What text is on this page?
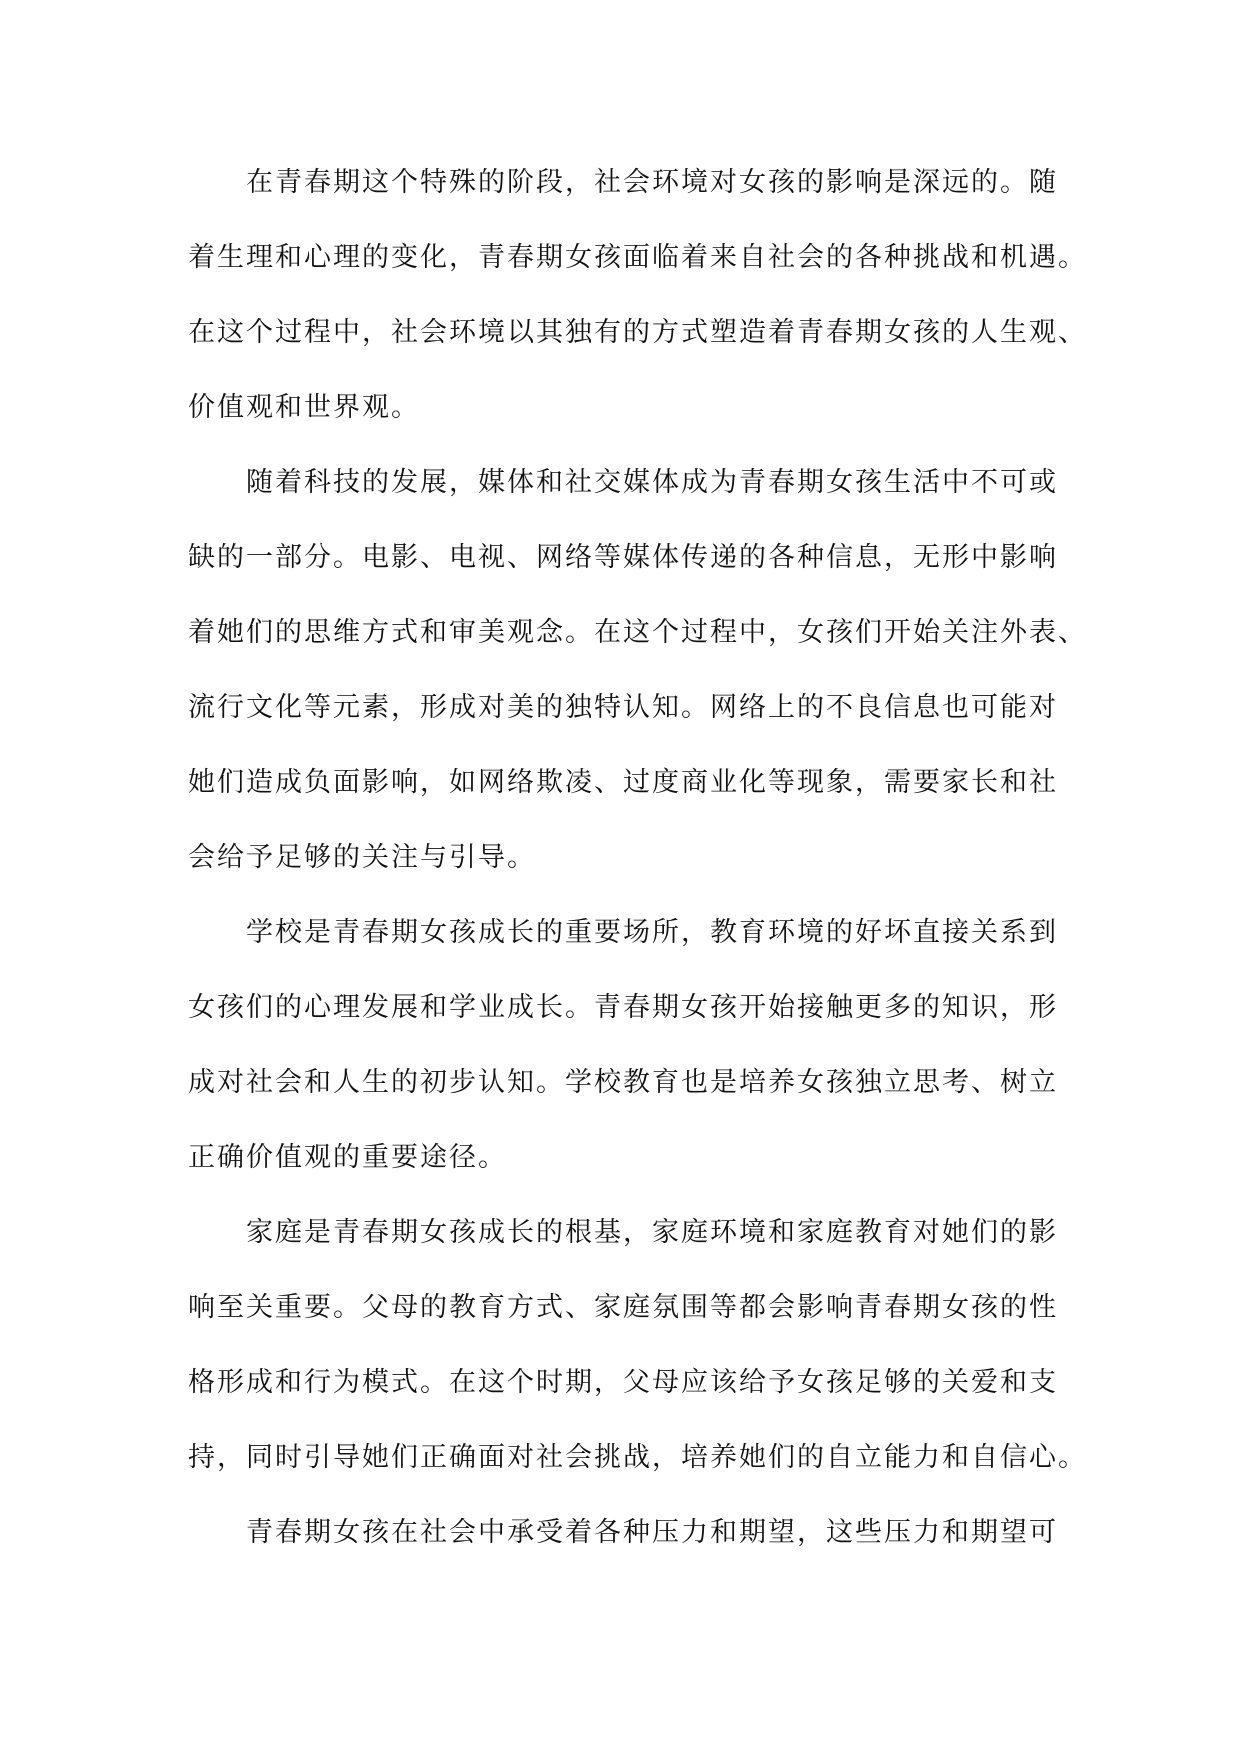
在青春期这个特殊的阶段，社会环境对女孩的影响是深远的。随
着生理和心理的变化，青春期女孩面临着来自社会的各种挑战和机遇。
在这个过程中，社会环境以其独有的方式塑造着青春期女孩的人生观、
价值观和世界观。
随着科技的发展，媒体和社交媒体成为青春期女孩生活中不可或
缺的一部分。电影、电视、网络等媒体传递的各种信息，无形中影响
着她们的思维方式和审美观念。在这个过程中，女孩们开始关注外表、
流行文化等元素，形成对美的独特认知。网络上的不良信息也可能对
她们造成负面影响，如网络欺凌、过度商业化等现象，需要家长和社
会给予足够的关注与引导。
学校是青春期女孩成长的重要场所，教育环境的好坏直接关系到
女孩们的心理发展和学业成长。青春期女孩开始接触更多的知识，形
成对社会和人生的初步认知。学校教育也是培养女孩独立思考、树立
正确价值观的重要途径。
家庭是青春期女孩成长的根基，家庭环境和家庭教育对她们的影
响至关重要。父母的教育方式、家庭氛围等都会影响青春期女孩的性
格形成和行为模式。在这个时期，父母应该给予女孩足够的关爱和支
持，同时引导她们正确面对社会挑战，培养她们的自立能力和自信心。
青春期女孩在社会中承受着各种压力和期望，这些压力和期望可
